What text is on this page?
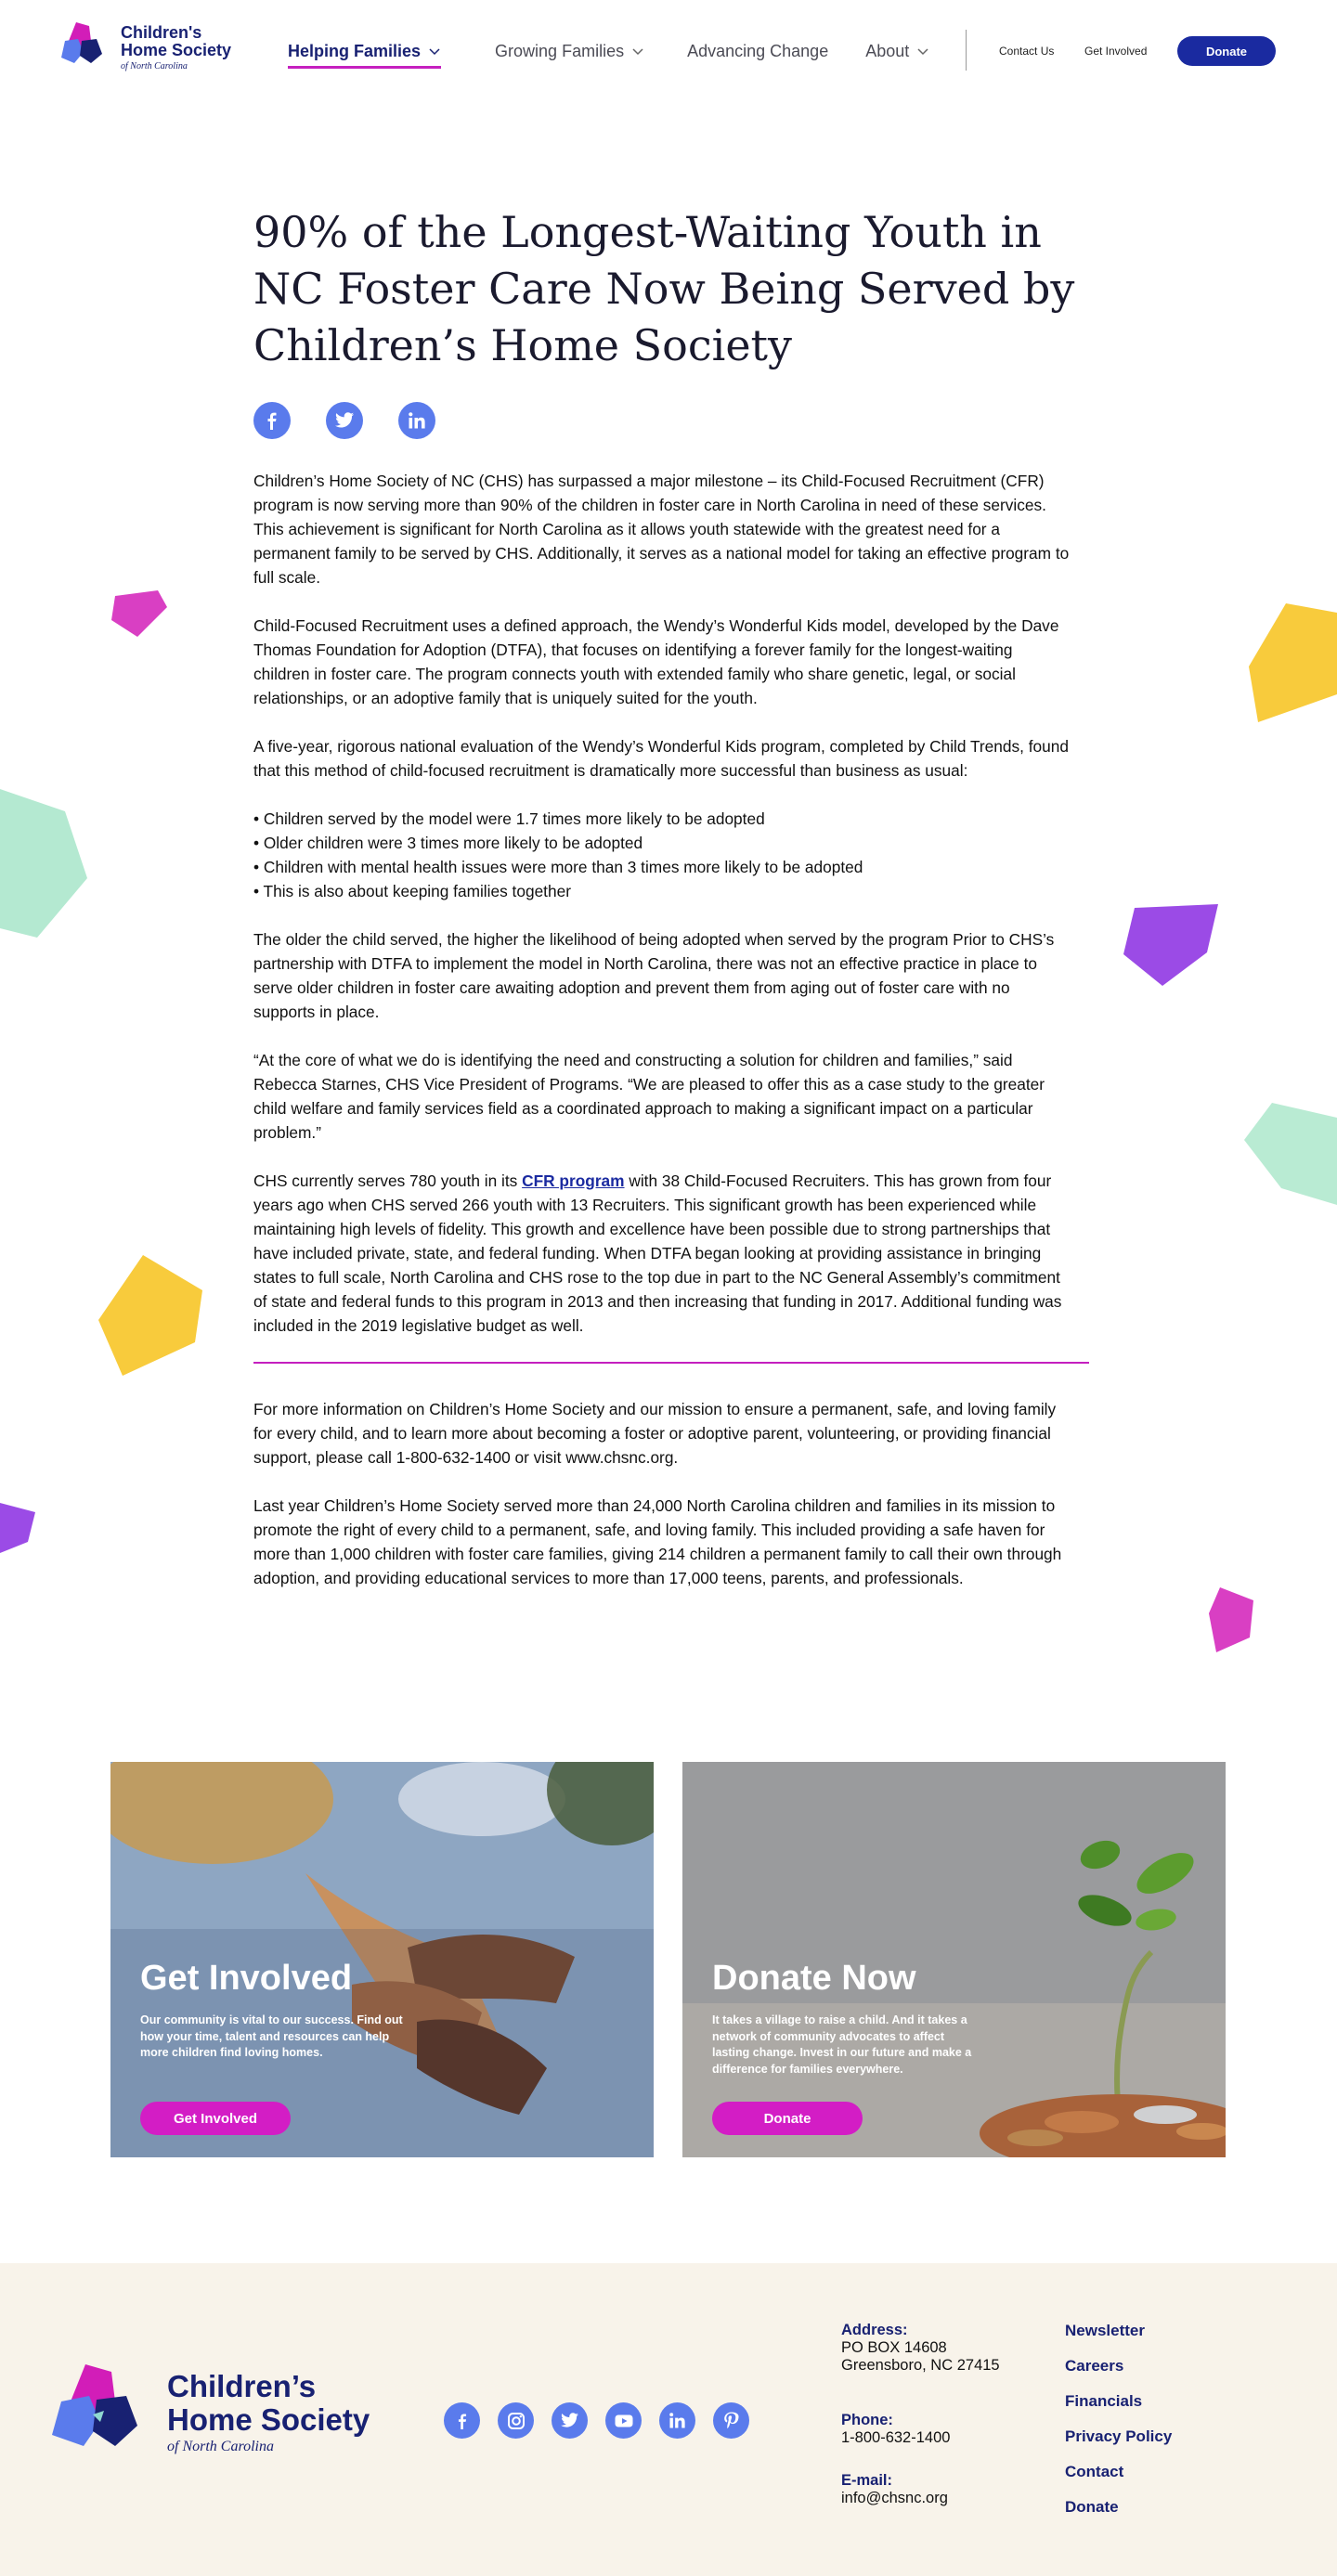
Children's
Home Society
of North Carolina
Helping Families	Growing Families	Advancing Change About	Contact Us	Get Involved	Donate
90% of the Longest-Waiting Youth in NC Foster Care Now Being Served by Children’s Home Society

Children’s Home Society of NC (CHS) has surpassed a major milestone – its Child-Focused Recruitment (CFR) program is now serving more than 90% of the children in foster care in North Carolina in need of these services. This achievement is significant for North Carolina as it allows youth statewide with the greatest need for a permanent family to be served by CHS. Additionally, it serves as a national model for taking an effective program to full scale.

Child-Focused Recruitment uses a defined approach, the Wendy’s Wonderful Kids model, developed by the Dave Thomas Foundation for Adoption (DTFA), that focuses on identifying a forever family for the longest-waiting children in foster care. The program connects youth with extended family who share genetic, legal, or social relationships, or an adoptive family that is uniquely suited for the youth.

A five-year, rigorous national evaluation of the Wendy’s Wonderful Kids program, completed by Child Trends, found that this method of child-focused recruitment is dramatically more successful than business as usual:

• Children served by the model were 1.7 times more likely to be adopted
• Older children were 3 times more likely to be adopted
• Children with mental health issues were more than 3 times more likely to be adopted
• This is also about keeping families together

The older the child served, the higher the likelihood of being adopted when served by the program Prior to CHS’s partnership with DTFA to implement the model in North Carolina, there was not an effective practice in place to serve older children in foster care awaiting adoption and prevent them from aging out of foster care with no supports in place.

“At the core of what we do is identifying the need and constructing a solution for children and families,” said Rebecca Starnes, CHS Vice President of Programs. “We are pleased to offer this as a case study to the greater child welfare and family services field as a coordinated approach to making a significant impact on a particular problem.”

CHS currently serves 780 youth in its CFR program with 38 Child-Focused Recruiters. This has grown from four years ago when CHS served 266 youth with 13 Recruiters. This significant growth has been experienced while maintaining high levels of fidelity. This growth and excellence have been possible due to strong partnerships that have included private, state, and federal funding. When DTFA began looking at providing assistance in bringing states to full scale, North Carolina and CHS rose to the top due in part to the NC General Assembly’s commitment of state and federal funds to this program in 2013 and then increasing that funding in 2017. Additional funding was included in the 2019 legislative budget as well.

For more information on Children’s Home Society and our mission to ensure a permanent, safe, and loving family for every child, and to learn more about becoming a foster or adoptive parent, volunteering, or providing financial support, please call 1-800-632-1400 or visit www.chsnc.org.

Last year Children’s Home Society served more than 24,000 North Carolina children and families in its mission to promote the right of every child to a permanent, safe, and loving family. This included providing a safe haven for more than 1,000 children with foster care families, giving 214 children a permanent family to call their own through adoption, and providing educational services to more than 17,000 teens, parents, and professionals.

Get Involved
Our community is vital to our success. Find out how your time, talent and resources can help more children find loving homes.
Get Involved
Donate Now
It takes a village to raise a child. And it takes a network of community advocates to affect lasting change. Invest in our future and make a difference for families everywhere.
Donate
Children’s
Home Society
of North Carolina
Address:
PO BOX 14608
Greensboro, NC 27415
Phone:
1-800-632-1400
E-mail:
info@chsnc.org
Newsletter
Careers
Financials
Privacy Policy
Contact
Donate
